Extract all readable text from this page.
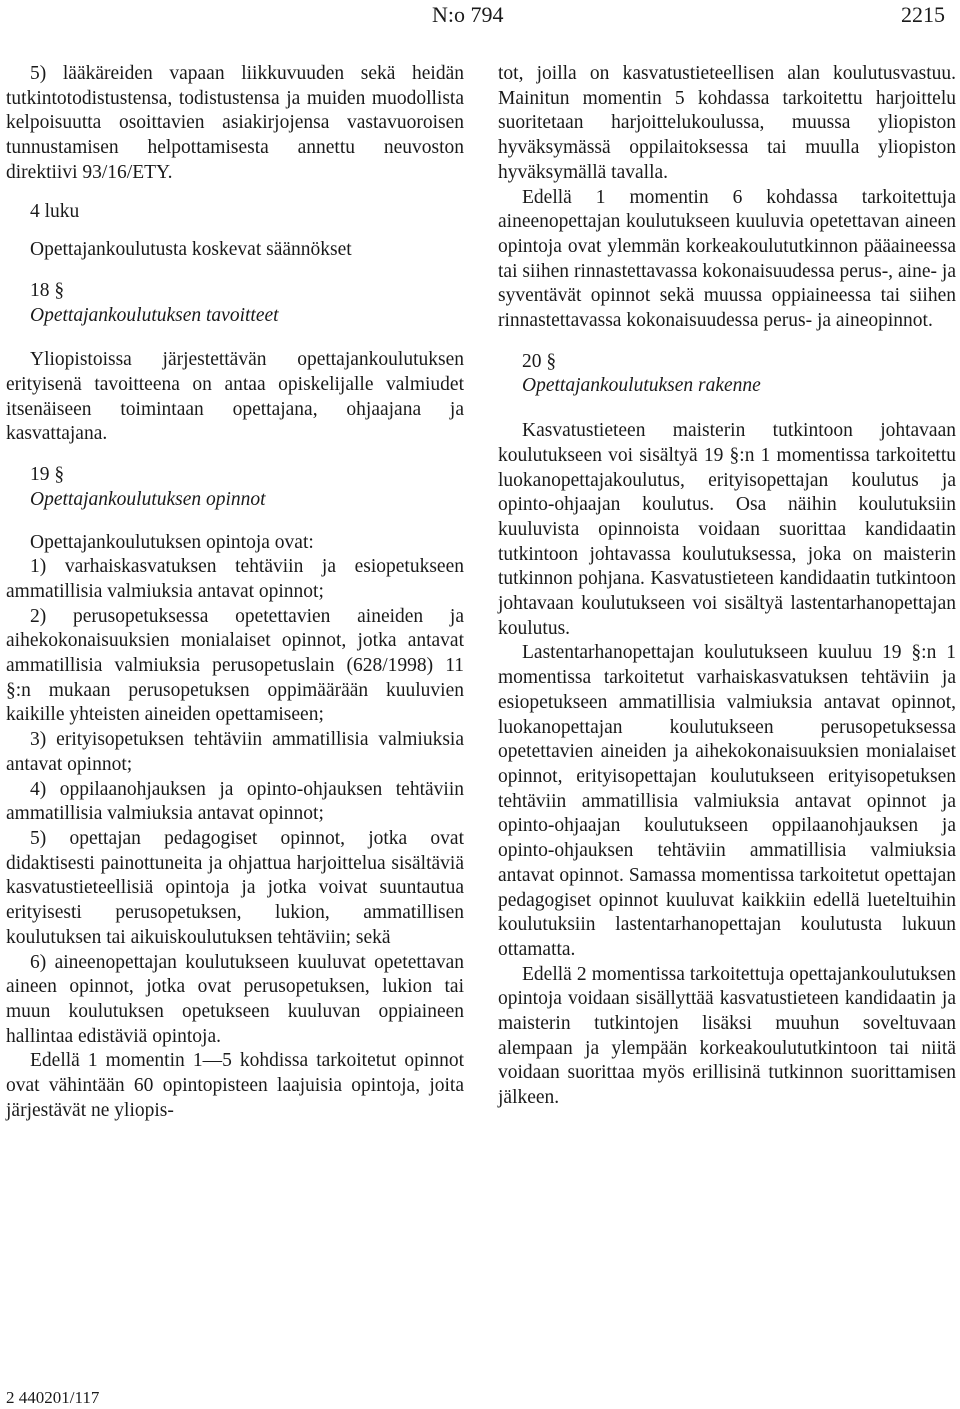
N:o 794	2215

5) lääkäreiden vapaan liikkuvuuden sekä heidän tutkintotodistustensa, todistustensa ja muiden muodollista kelpoisuutta osoittavien asiakirjojensa vastavuoroisen tunnustamisen helpottamisesta annettu neuvoston direktiivi 93/16/ETY.

4 luku

Opettajankoulutusta koskevat säännökset

18 §

Opettajankoulutuksen tavoitteet

Yliopistoissa järjestettävän opettajankoulutuksen erityisenä tavoitteena on antaa opiskelijalle valmiudet itsenäiseen toimintaan opettajana, ohjaajana ja kasvattajana.

19 §

Opettajankoulutuksen opinnot

Opettajankoulutuksen opintoja ovat:

1) varhaiskasvatuksen tehtäviin ja esiopetukseen ammatillisia valmiuksia antavat opinnot;

2) perusopetuksessa opetettavien aineiden ja aihekokonaisuuksien monialaiset opinnot, jotka antavat ammatillisia valmiuksia perusopetuslain (628/1998) 11 §:n mukaan perusopetuksen oppimäärään kuuluvien kaikille yhteisten aineiden opettamiseen;

3) erityisopetuksen tehtäviin ammatillisia valmiuksia antavat opinnot;

4) oppilaanohjauksen ja opinto-ohjauksen tehtäviin ammatillisia valmiuksia antavat opinnot;

5) opettajan pedagogiset opinnot, jotka ovat didaktisesti painottuneita ja ohjattua harjoittelua sisältäviä kasvatustieteellisiä opintoja ja jotka voivat suuntautua erityisesti perusopetuksen, lukion, ammatillisen koulutuksen tai aikuiskoulutuksen tehtäviin; sekä

6) aineenopettajan koulutukseen kuuluvat opetettavan aineen opinnot, jotka ovat perusopetuksen, lukion tai muun koulutuksen opetukseen kuuluvan oppiaineen hallintaa edistäviä opintoja.

Edellä 1 momentin 1—5 kohdissa tarkoitetut opinnot ovat vähintään 60 opintopisteen laajuisia opintoja, joita järjestävät ne yliopis-

tot, joilla on kasvatustieteellisen alan koulutusvastuu. Mainitun momentin 5 kohdassa tarkoitettu harjoittelu suoritetaan harjoittelukoulussa, muussa yliopiston hyväksymässä oppilaitoksessa tai muulla yliopiston hyväksymällä tavalla.

Edellä 1 momentin 6 kohdassa tarkoitettuja aineenopettajan koulutukseen kuuluvia opetettavan aineen opintoja ovat ylemmän korkeakoulututkinnon pääaineessa tai siihen rinnastettavassa kokonaisuudessa perus-, aine- ja syventävät opinnot sekä muussa oppiaineessa tai siihen rinnastettavassa kokonaisuudessa perus- ja aineopinnot.

20 §

Opettajankoulutuksen rakenne

Kasvatustieteen maisterin tutkintoon johtavaan koulutukseen voi sisältyä 19 §:n 1 momentissa tarkoitettu luokanopettajakoulutus, erityisopettajan koulutus ja opinto-ohjaajan koulutus. Osa näihin koulutuksiin kuuluvista opinnoista voidaan suorittaa kandidaatin tutkintoon johtavassa koulutuksessa, joka on maisterin tutkinnon pohjana. Kasvatustieteen kandidaatin tutkintoon johtavaan koulutukseen voi sisältyä lastentarhanopettajan koulutus.

Lastentarhanopettajan koulutukseen kuuluu 19 §:n 1 momentissa tarkoitetut varhaiskasvatuksen tehtäviin ja esiopetukseen ammatillisia valmiuksia antavat opinnot, luokanopettajan koulutukseen perusopetuksessa opetettavien aineiden ja aihekokonaisuuksien monialaiset opinnot, erityisopettajan koulutukseen erityisopetuksen tehtäviin ammatillisia valmiuksia antavat opinnot ja opinto-ohjaajan koulutukseen oppilaanohjauksen ja opinto-ohjauksen tehtäviin ammatillisia valmiuksia antavat opinnot. Samassa momentissa tarkoitetut opettajan pedagogiset opinnot kuuluvat kaikkiin edellä lueteltuihin koulutuksiin lastentarhanopettajan koulutusta lukuun ottamatta.

Edellä 2 momentissa tarkoitettuja opettajankoulutuksen opintoja voidaan sisällyttää kasvatustieteen kandidaatin ja maisterin tutkintojen lisäksi muuhun soveltuvaan alempaan ja ylempään korkeakoulututkintoon tai niitä voidaan suorittaa myös erillisinä tutkinnon suorittamisen jälkeen.

2 440201/117
